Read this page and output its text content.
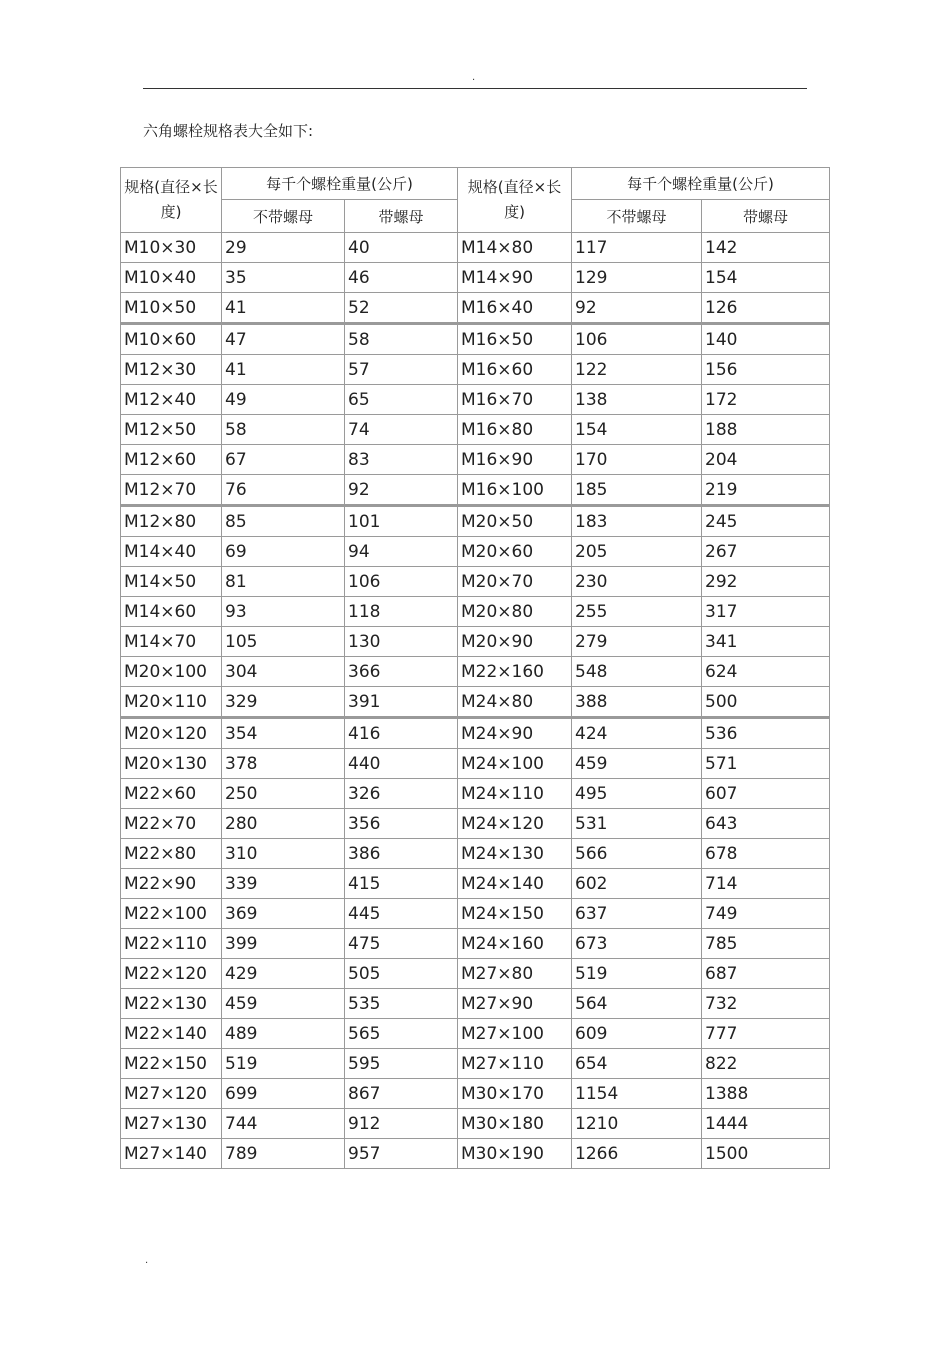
.
六角螺栓规格表大全如下:
规格(直径×长度)	每千个螺栓重量(公斤)		规格(直径×长度)	每千个螺栓重量(公斤)	
	不带螺母	带螺母		不带螺母	带螺母
M10×30	29	40	M14×80	117	142
M10×40	35	46	M14×90	129	154
M10×50	41	52	M16×40	92	126
M10×60	47	58	M16×50	106	140
M12×30	41	57	M16×60	122	156
M12×40	49	65	M16×70	138	172
M12×50	58	74	M16×80	154	188
M12×60	67	83	M16×90	170	204
M12×70	76	92	M16×100	185	219
M12×80	85	101	M20×50	183	245
M14×40	69	94	M20×60	205	267
M14×50	81	106	M20×70	230	292
M14×60	93	118	M20×80	255	317
M14×70	105	130	M20×90	279	341
M20×100	304	366	M22×160	548	624
M20×110	329	391	M24×80	388	500
M20×120	354	416	M24×90	424	536
M20×130	378	440	M24×100	459	571
M22×60	250	326	M24×110	495	607
M22×70	280	356	M24×120	531	643
M22×80	310	386	M24×130	566	678
M22×90	339	415	M24×140	602	714
M22×100	369	445	M24×150	637	749
M22×110	399	475	M24×160	673	785
M22×120	429	505	M27×80	519	687
M22×130	459	535	M27×90	564	732
M22×140	489	565	M27×100	609	777
M22×150	519	595	M27×110	654	822
M27×120	699	867	M30×170	1154	1388
M27×130	744	912	M30×180	1210	1444
M27×140	789	957	M30×190	1266	1500
.
